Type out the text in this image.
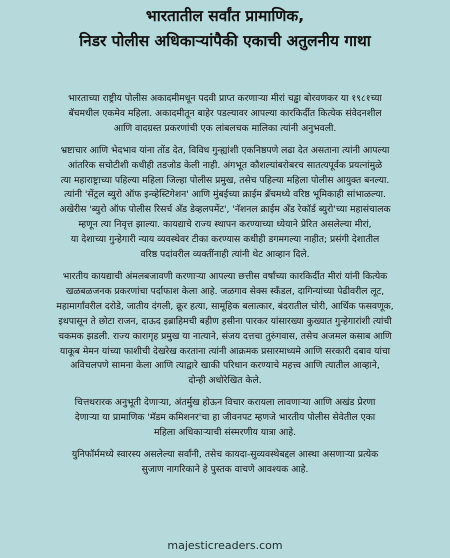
भारतातील सर्वांत प्रामाणिक,
निडर पोलीस अधिकाऱ्यांपैकी एकाची अतुलनीय गाथा

भारताच्या राष्ट्रीय पोलीस अकादमीमधून पदवी प्राप्त करणाऱ्या मीरां चड्ढा बोरवणकर या १९८१च्या
बॅचमधील एकमेव महिला. अकादमीतून बाहेर पडल्यावर आपल्या कारकिर्दीत कित्येक संवेदनशील
आणि वादग्रस्त प्रकरणांची एक लांबलचक मालिका त्यांनी अनुभवली.

भ्रष्टाचार आणि भेदभाव यांना तोंड देत, विविध गुन्ह्यांशी एकनिष्ठपणे लढा देत असताना त्यांनी आपल्या
आंतरिक सचोटीशी कधीही तडजोड केली नाही. अंगभूत कौशल्यांबरोबरच सातत्यपूर्वक प्रयत्नांमुळे
त्या महाराष्ट्राच्या पहिल्या महिला जिल्हा पोलीस प्रमुख, तसेच पहिल्या महिला पोलीस आयुक्त बनल्या.
त्यांनी 'सेंट्रल ब्युरो ऑफ इन्व्हेस्टिगेशन' आणि मुंबईच्या क्राईम ब्रॅंचमध्ये वरिष्ठ भूमिकाही सांभाळल्या.
अखेरीस 'ब्युरो ऑफ पोलीस रिसर्च ॲंड डेव्हलपमेंट', 'नॅशनल क्राईम ॲंड रेकॉर्ड ब्युरो'च्या महासंचालक
म्हणून त्या निवृत्त झाल्या. कायद्याचे राज्य स्थापन करण्याच्या ध्येयाने प्रेरित असलेल्या मीरां,
या देशाच्या गुन्हेगारी न्याय व्यवस्थेवर टीका करण्यास कधीही डगमगल्या नाहीत; प्रसंगी देशातील
वरिष्ठ पदांवरील व्यक्तींनाही त्यांनी थेट आव्हान दिले.

भारतीय कायद्याची अंमलबजावणी करणाऱ्या आपल्या छत्तीस वर्षांच्या कारकिर्दीत मीरां यांनी कित्येक
खळबळजनक प्रकरणांचा पर्दाफाश केला आहे. जळगाव सेक्स स्कॅंडल, दागिन्यांच्या पेढीवरील लूट,
महामार्गांवरील दरोडे, जातीय दंगली, क्रूर हत्या, सामूहिक बलात्कार, बंदरातील चोरी, आर्थिक फसवणूक,
इथपासून ते छोटा राजन, दाऊद इब्राहिमची बहीण हसीना पारकर यांसारख्या कुख्यात गुन्हेगारांशी त्यांची
चकमक झडली. राज्य कारागृह प्रमुख या नात्याने, संजय दत्तचा तुरुंगवास, तसेच अजमल कसाब आणि
याकूब मेमन यांच्या फाशीची देखरेख करताना त्यांनी आक्रमक प्रसारमाध्यमे आणि सरकारी दबाव यांचा
अविचलपणे सामना केला आणि त्याद्वारे खाकी परिधान करण्याचे महत्त्व आणि त्यातील आव्हाने,
दोन्ही अधोरेखित केले.

चित्तथरारक अनुभूती देणाऱ्या, अंतर्मुख होऊन विचार करायला लावणाऱ्या आणि अखंड प्रेरणा
देणाऱ्या या प्रामाणिक 'मॅडम कमिशनर'चा हा जीवनपट म्हणजे भारतीय पोलीस सेवेतील एका
महिला अधिकाऱ्याची संस्मरणीय यात्रा आहे.

युनिफॉर्ममध्ये स्वारस्य असलेल्या सर्वांनी, तसेच कायदा-सुव्यवस्थेबद्दल आस्था असणाऱ्या प्रत्येक
सुजाण नागरिकाने हे पुस्तक वाचणे आवश्यक आहे.

majesticreaders.com
